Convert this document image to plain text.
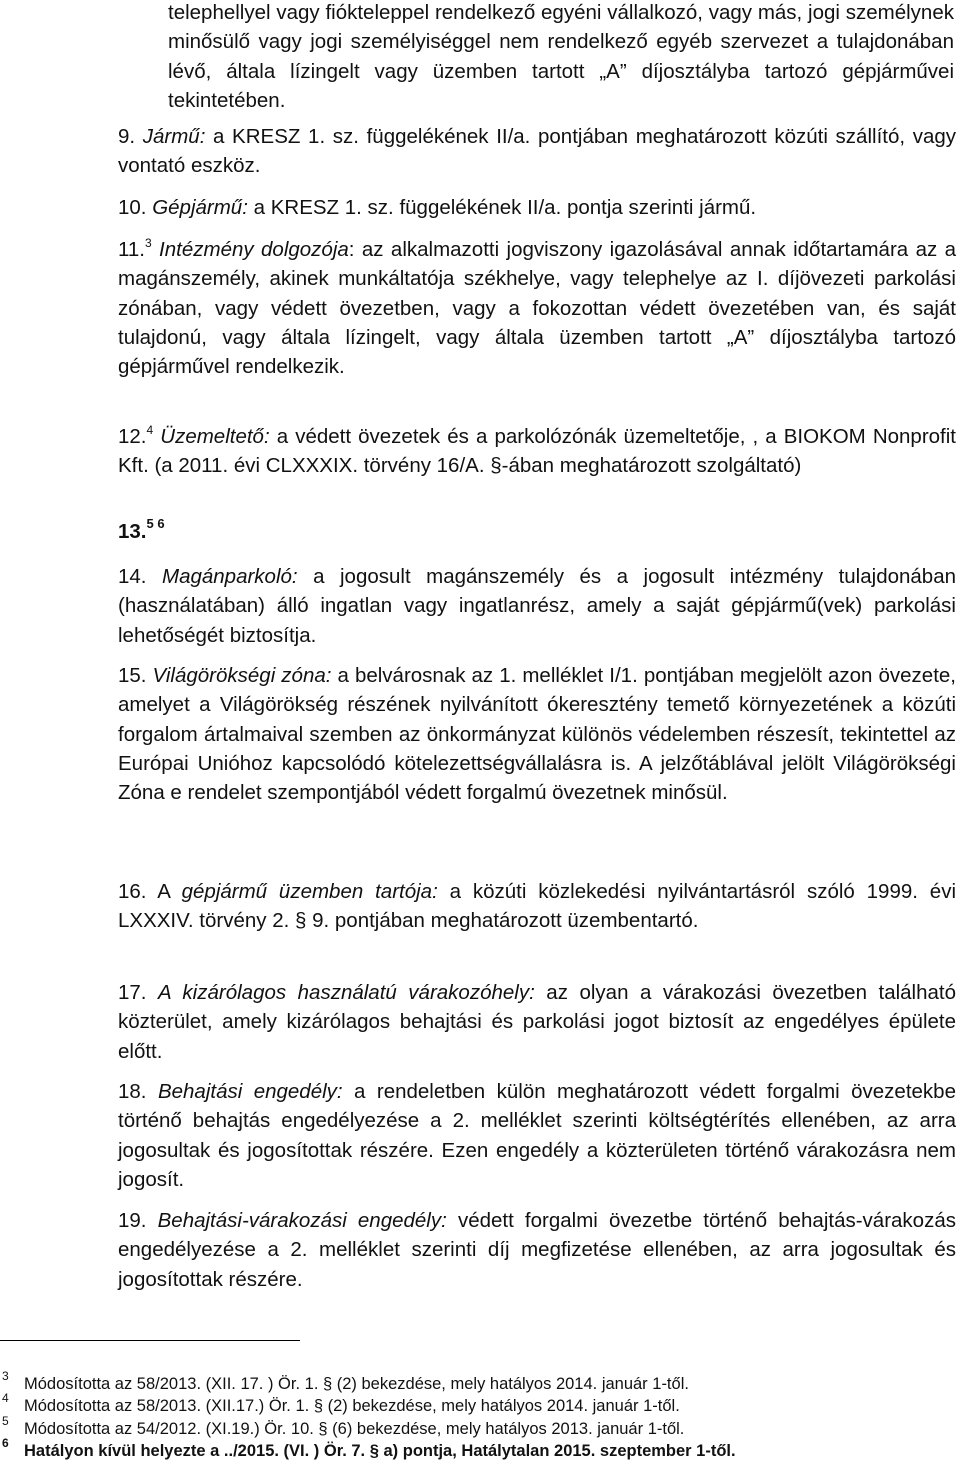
telephellyel vagy fiókteleppel rendelkező egyéni vállalkozó, vagy más, jogi személynek minősülő vagy jogi személyiséggel nem rendelkező egyéb szervezet a tulajdonában lévő, általa lízingelt vagy üzemben tartott „A” díjosztályba tartozó gépjárművei tekintetében.

9. Jármű: a KRESZ 1. sz. függelékének II/a. pontjában meghatározott közúti szállító, vagy vontató eszköz.

10. Gépjármű: a KRESZ 1. sz. függelékének II/a. pontja szerinti jármű.

11.$^3$ Intézmény dolgozója: az alkalmazotti jogviszony igazolásával annak időtartamára az a magánszemély, akinek munkáltatója székhelye, vagy telephelye az I. díjövezeti parkolási zónában, vagy védett övezetben, vagy a fokozottan védett övezetében van, és saját tulajdonú, vagy általa lízingelt, vagy általa üzemben tartott „A” díjosztályba tartozó gépjárművel rendelkezik.

12.$^4$ Üzemeltető: a védett övezetek és a parkolózónák üzemeltetője, , a BIOKOM Nonprofit Kft. (a 2011. évi CLXXXIX. törvény 16/A. §-ában meghatározott szolgáltató)

13.$^{5 6}$

14. Magánparkoló: a jogosult magánszemély és a jogosult intézmény tulajdonában (használatában) álló ingatlan vagy ingatlanrész, amely a saját gépjármű(vek) parkolási lehetőségét biztosítja.

15. Világörökségi zóna: a belvárosnak az 1. melléklet I/1. pontjában megjelölt azon övezete, amelyet a Világörökség részének nyilvánított ókeresztény temető környezetének a közúti forgalom ártalmaival szemben az önkormányzat különös védelemben részesít, tekintettel az Európai Unióhoz kapcsolódó kötelezettségvállalásra is. A jelzőtáblával jelölt Világörökségi Zóna e rendelet szempontjából védett forgalmú övezetnek minősül.

16. A gépjármű üzemben tartója: a közúti közlekedési nyilvántartásról szóló 1999. évi LXXXIV. törvény 2. § 9. pontjában meghatározott üzembentartó.

17. A kizárólagos használatú várakozóhely: az olyan a várakozási övezetben található közterület, amely kizárólagos behajtási és parkolási jogot biztosít az engedélyes épülete előtt.

18. Behajtási engedély: a rendeletben külön meghatározott védett forgalmi övezetekbe történő behajtás engedélyezése a 2. melléklet szerinti költségtérítés ellenében, az arra jogosultak és jogosítottak részére. Ezen engedély a közterületen történő várakozásra nem jogosít.

19. Behajtási-várakozási engedély: védett forgalmi övezetbe történő behajtás-várakozás engedélyezése a 2. melléklet szerinti díj megfizetése ellenében, az arra jogosultak és jogosítottak részére.

3 Módosította az 58/2013. (XII. 17. ) Ör. 1. § (2) bekezdése, mely hatályos 2014. január 1-től.
4 Módosította az 58/2013. (XII.17.) Ör. 1. § (2) bekezdése, mely hatályos 2014. január 1-től.
5 Módosította az 54/2012. (XI.19.) Ör. 10. § (6) bekezdése, mely hatályos 2013. január 1-től.
6 Hatályon kívül helyezte a ../2015. (VI. ) Ör. 7. § a) pontja, Hatálytalan 2015. szeptember 1-től.
